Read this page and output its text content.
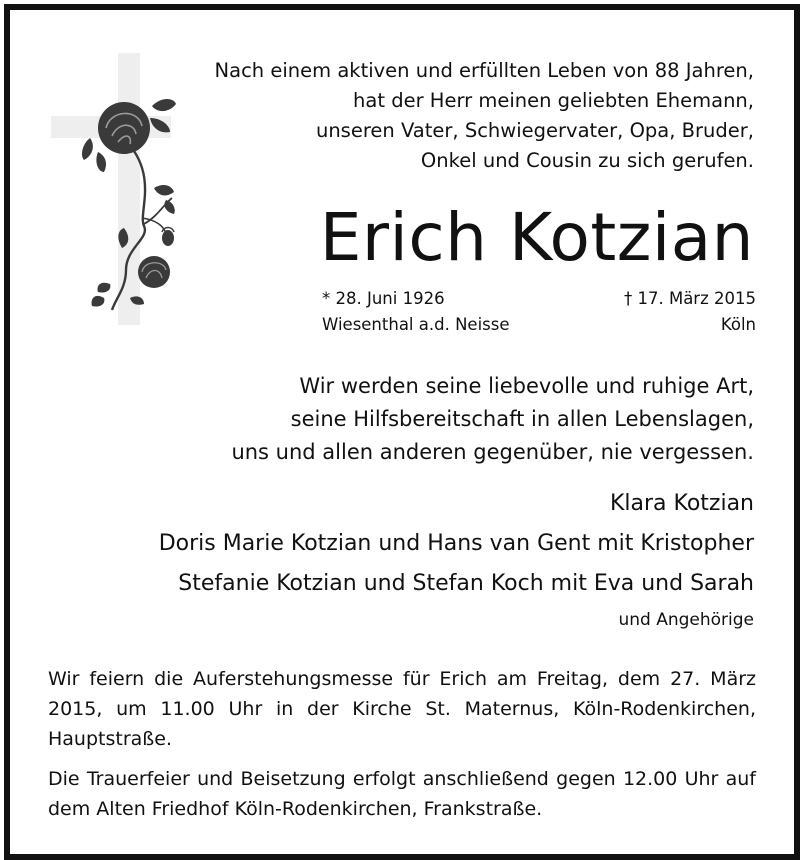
Nach einem aktiven und erfüllten Leben von 88 Jahren,
hat der Herr meinen geliebten Ehemann,
unseren Vater, Schwiegervater, Opa, Bruder,
Onkel und Cousin zu sich gerufen.
Erich Kotzian
* 28. Juni 1926
Wiesenthal a.d. Neisse
† 17. März 2015
Köln
Wir werden seine liebevolle und ruhige Art,
seine Hilfsbereitschaft in allen Lebenslagen,
uns und allen anderen gegenüber, nie vergessen.
Klara Kotzian
Doris Marie Kotzian und Hans van Gent mit Kristopher
Stefanie Kotzian und Stefan Koch mit Eva und Sarah
und Angehörige

Wir feiern die Auferstehungsmesse für Erich am Freitag, dem 27. März 2015, um 11.00 Uhr in der Kirche St. Maternus, Köln-Rodenkirchen, Hauptstraße.

Die Trauerfeier und Beisetzung erfolgt anschließend gegen 12.00 Uhr auf dem Alten Friedhof Köln-Rodenkirchen, Frankstraße.
